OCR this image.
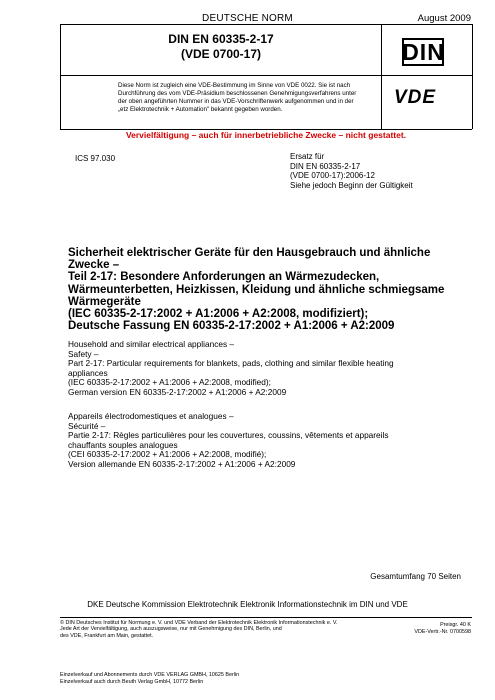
DEUTSCHE NORM	August 2009
DIN EN 60335-2-17
(VDE 0700-17)	DIN
Diese Norm ist zugleich eine VDE-Bestimmung im Sinne von VDE 0022. Sie ist nach
Durchführung des vom VDE-Präsidium beschlossenen Genehmigungsverfahrens unter
der oben angeführten Nummer in das VDE-Vorschriftenwerk aufgenommen und in der
„etz Elektrotechnik + Automation" bekannt gegeben worden.
VDE
Vervielfältigung – auch für innerbetriebliche Zwecke – nicht gestattet.
ICS 97.030	Ersatz für
DIN EN 60335-2-17
(VDE 0700-17):2006-12
Siehe jedoch Beginn der Gültigkeit
Sicherheit elektrischer Geräte für den Hausgebrauch und ähnliche
Zwecke –
Teil 2-17: Besondere Anforderungen an Wärmezudecken,
Wärmeunterbetten, Heizkissen, Kleidung und ähnliche schmiegsame
Wärmegeräte
(IEC 60335-2-17:2002 + A1:2006 + A2:2008, modifiziert);
Deutsche Fassung EN 60335-2-17:2002 + A1:2006 + A2:2009
Household and similar electrical appliances –
Safety –
Part 2-17: Particular requirements for blankets, pads, clothing and similar flexible heating
appliances
(IEC 60335-2-17:2002 + A1:2006 + A2:2008, modified);
German version EN 60335-2-17:2002 + A1:2006 + A2:2009
Appareils électrodomestiques et analogues –
Sécurité –
Partie 2-17: Règles particulières pour les couvertures, coussins, vêtements et appareils
chauffants souples analogues
(CEI 60335-2-17:2002 + A1:2006 + A2:2008, modifié);
Version allemande EN 60335-2-17:2002 + A1:2006 + A2:2009
Gesamtumfang 70 Seiten
DKE Deutsche Kommission Elektrotechnik Elektronik Informationstechnik im DIN und VDE
© DIN Deutsches Institut für Normung e. V. und VDE Verband der Elektrotechnik Elektronik Informationstechnik e. V.
Jede Art der Vervielfältigung, auch auszugsweise, nur mit Genehmigung des DIN, Berlin, und
des VDE, Frankfurt am Main, gestattet.
Preisgr. 40 K
VDE-Vertr.-Nr. 0700598
Einzelverkauf und Abonnements durch VDE VERLAG GMBH, 10625 Berlin
Einzelverkauf auch durch Beuth Verlag GmbH, 10772 Berlin
